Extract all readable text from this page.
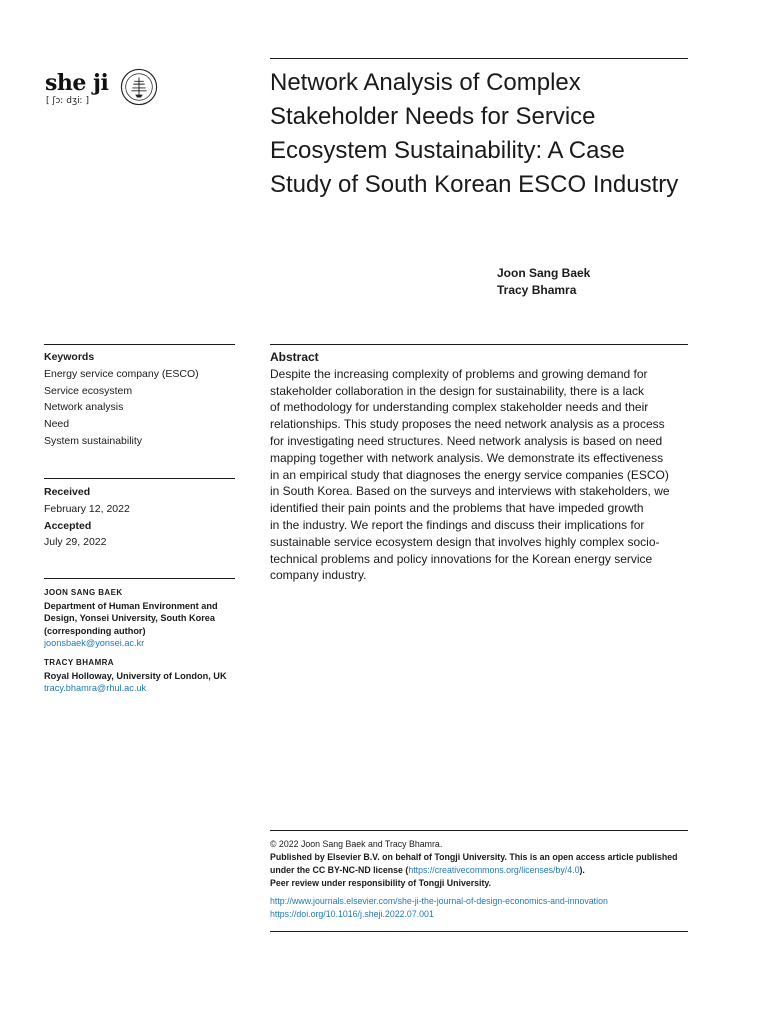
she ji
[ ʃɔː dʒiː ]
Network Analysis of Complex Stakeholder Needs for Service Ecosystem Sustainability: A Case Study of South Korean ESCO Industry
Joon Sang Baek
Tracy Bhamra
Keywords
Energy service company (ESCO)
Service ecosystem
Network analysis
Need
System sustainability
Received
February 12, 2022
Accepted
July 29, 2022
JOON SANG BAEK
Department of Human Environment and
Design, Yonsei University, South Korea
(corresponding author)
joonsbaek@yonsei.ac.kr
TRACY BHAMRA
Royal Holloway, University of London, UK
tracy.bhamra@rhul.ac.uk
Abstract
Despite the increasing complexity of problems and growing demand for
stakeholder collaboration in the design for sustainability, there is a lack
of methodology for understanding complex stakeholder needs and their
relationships. This study proposes the need network analysis as a process
for investigating need structures. Need network analysis is based on need
mapping together with network analysis. We demonstrate its effectiveness
in an empirical study that diagnoses the energy service companies (ESCO)
in South Korea. Based on the surveys and interviews with stakeholders, we
identified their pain points and the problems that have impeded growth
in the industry. We report the findings and discuss their implications for
sustainable service ecosystem design that involves highly complex socio-
technical problems and policy innovations for the Korean energy service
company industry.
© 2022 Joon Sang Baek and Tracy Bhamra.
Published by Elsevier B.V. on behalf of Tongji University. This is an open access article published
under the CC BY-NC-ND license (https://creativecommons.org/licenses/by/4.0).
Peer review under responsibility of Tongji University.
http://www.journals.elsevier.com/she-ji-the-journal-of-design-economics-and-innovation
https://doi.org/10.1016/j.sheji.2022.07.001
